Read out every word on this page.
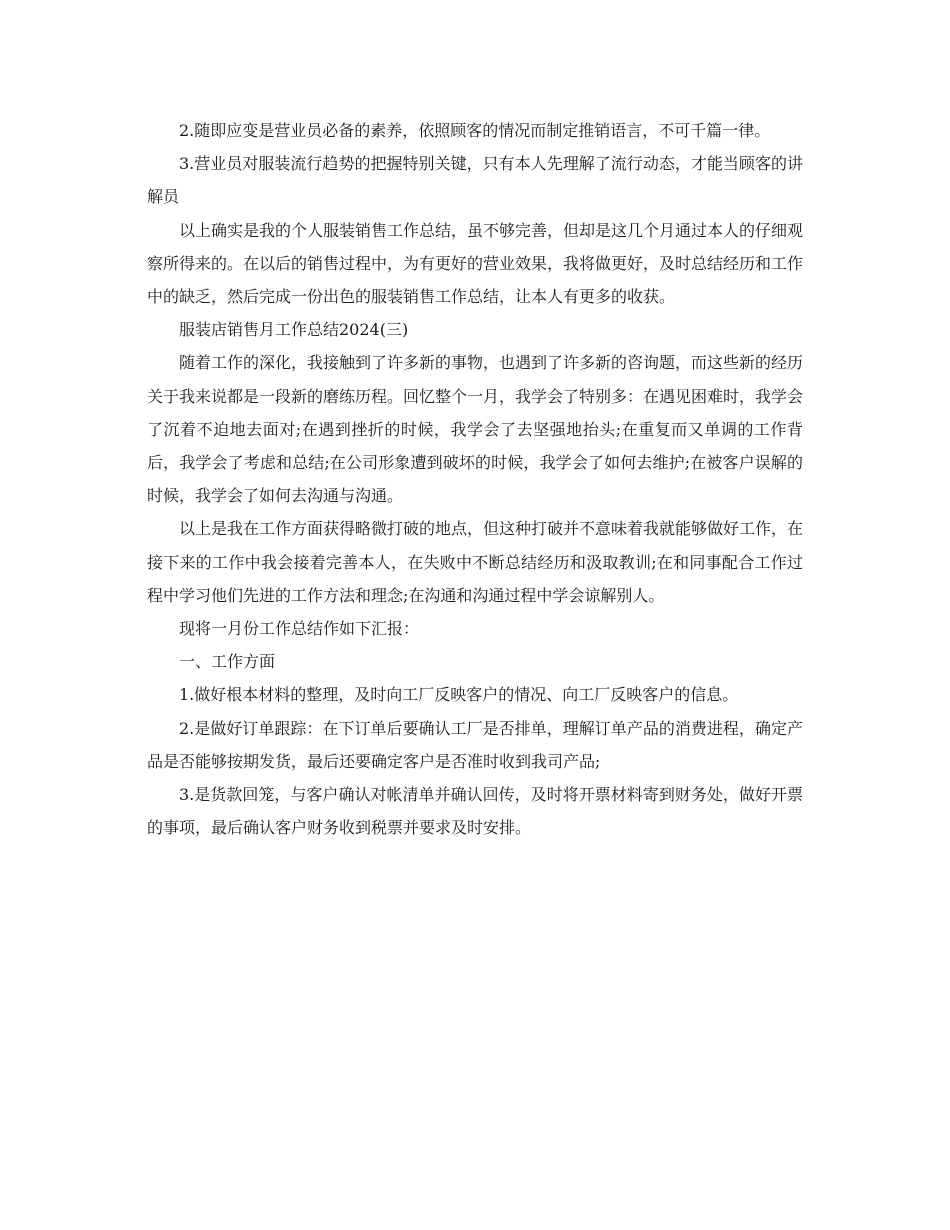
2.随即应变是营业员必备的素养，依照顾客的情况而制定推销语言，不可千篇一律。

3.营业员对服装流行趋势的把握特别关键，只有本人先理解了流行动态，才能当顾客的讲解员

以上确实是我的个人服装销售工作总结，虽不够完善，但却是这几个月通过本人的仔细观察所得来的。在以后的销售过程中，为有更好的营业效果，我将做更好，及时总结经历和工作中的缺乏，然后完成一份出色的服装销售工作总结，让本人有更多的收获。

服装店销售月工作总结2024(三)

随着工作的深化，我接触到了许多新的事物，也遇到了许多新的咨询题，而这些新的经历关于我来说都是一段新的磨练历程。回忆整个一月，我学会了特别多：在遇见困难时，我学会了沉着不迫地去面对;在遇到挫折的时候，我学会了去坚强地抬头;在重复而又单调的工作背后，我学会了考虑和总结;在公司形象遭到破坏的时候，我学会了如何去维护;在被客户误解的时候，我学会了如何去沟通与沟通。

以上是我在工作方面获得略微打破的地点，但这种打破并不意味着我就能够做好工作，在接下来的工作中我会接着完善本人，在失败中不断总结经历和汲取教训;在和同事配合工作过程中学习他们先进的工作方法和理念;在沟通和沟通过程中学会谅解别人。

现将一月份工作总结作如下汇报：

一、工作方面

1.做好根本材料的整理，及时向工厂反映客户的情况、向工厂反映客户的信息。

2.是做好订单跟踪：在下订单后要确认工厂是否排单，理解订单产品的消费进程，确定产品是否能够按期发货，最后还要确定客户是否准时收到我司产品;

3.是货款回笼，与客户确认对帐清单并确认回传，及时将开票材料寄到财务处，做好开票的事项，最后确认客户财务收到税票并要求及时安排。
